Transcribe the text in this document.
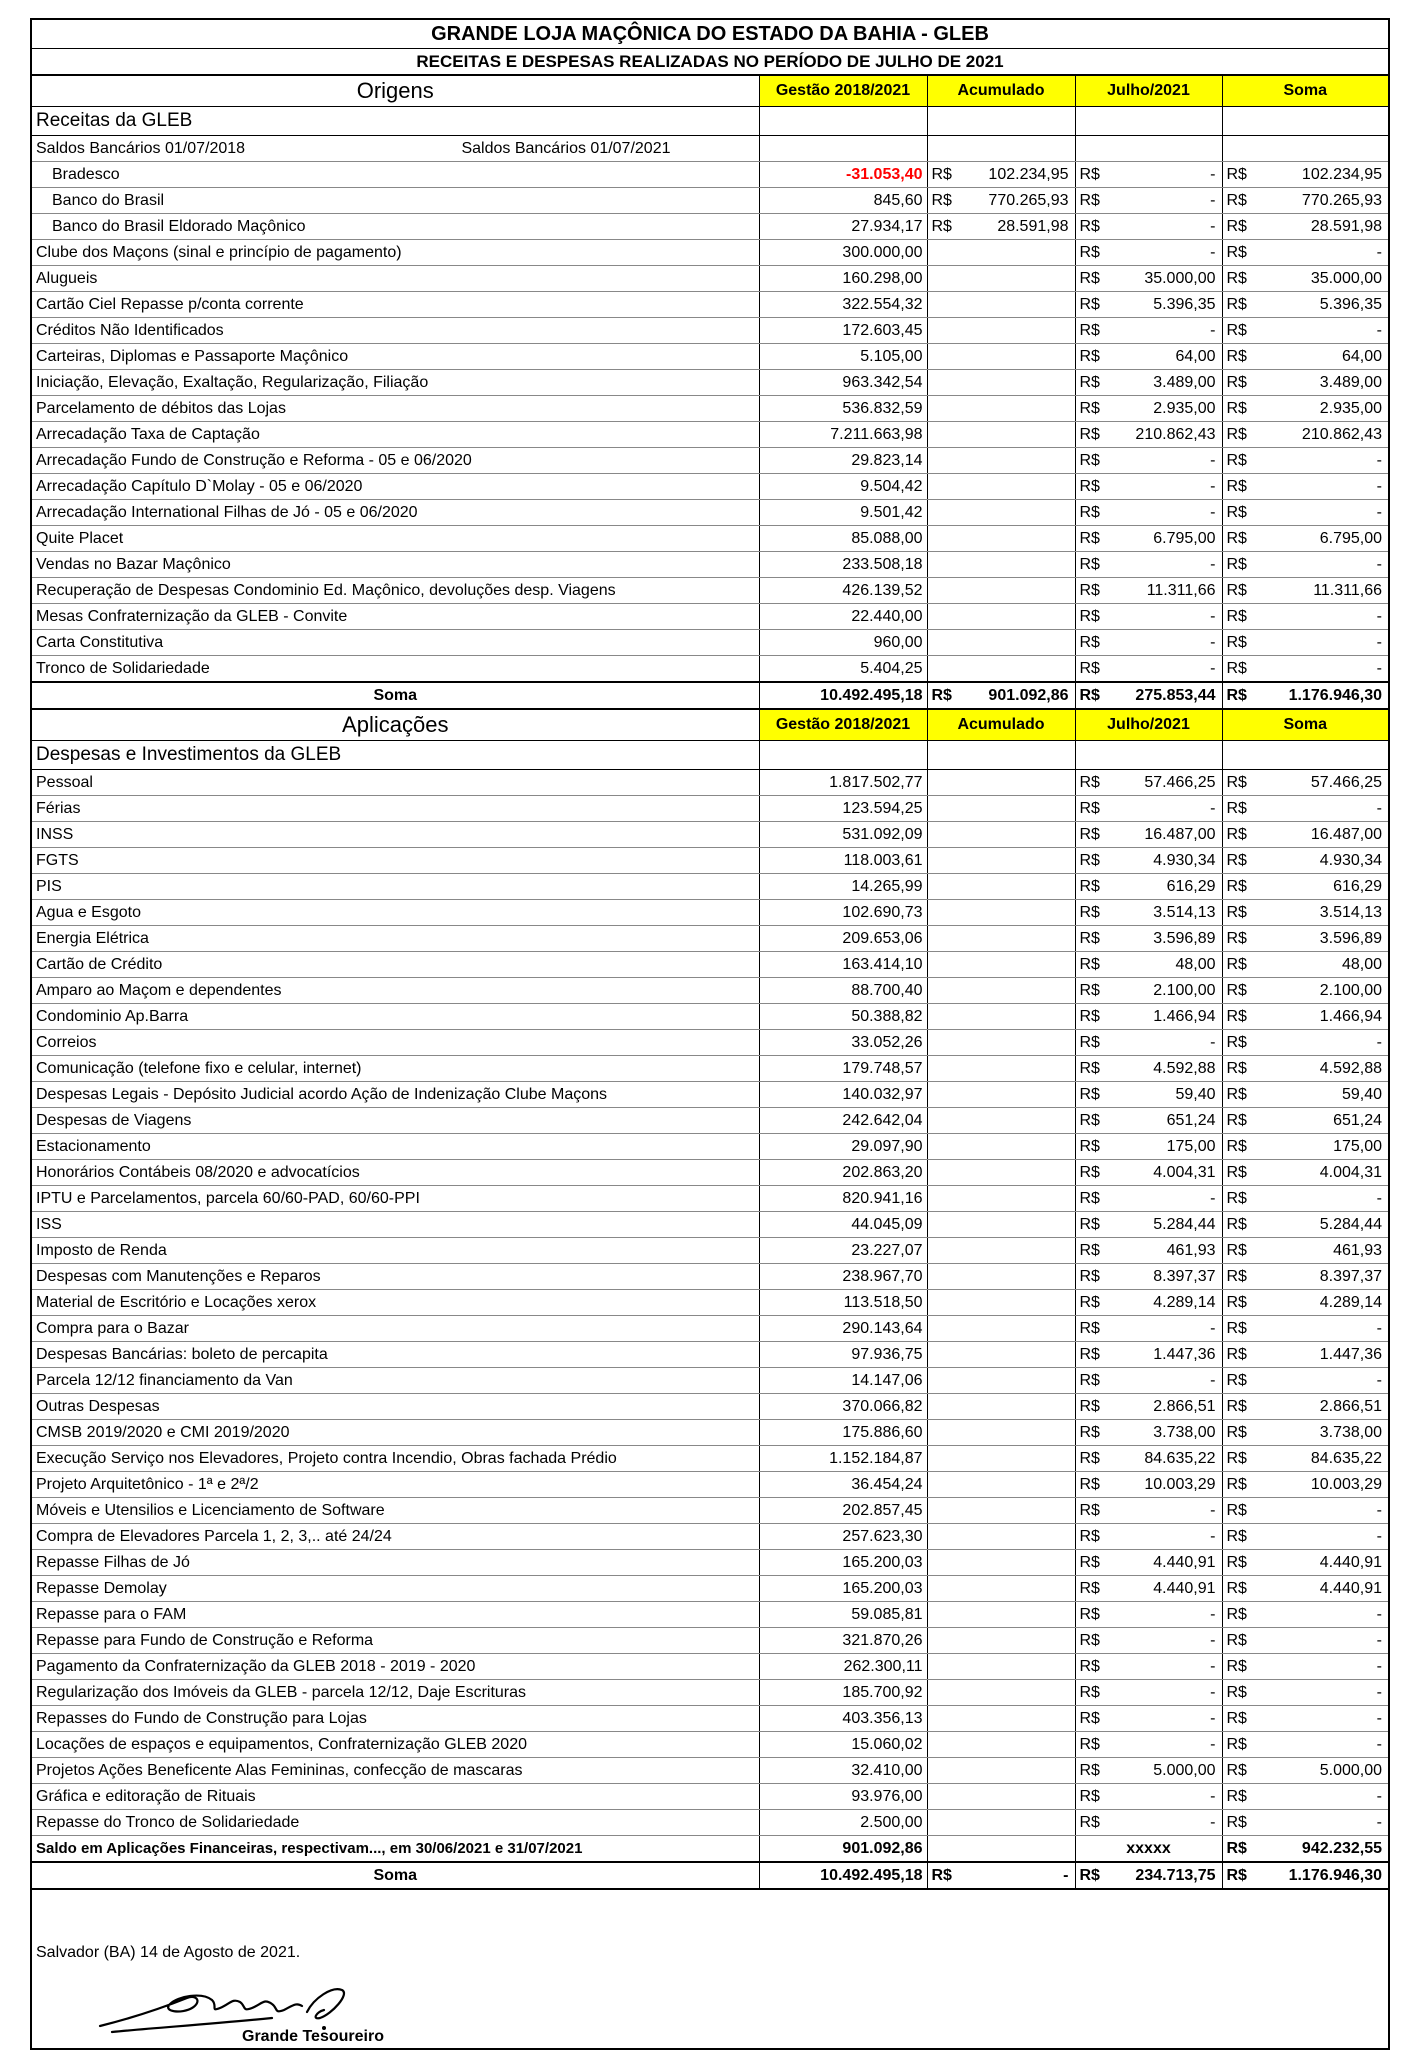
GRANDE LOJA MAÇÔNICA DO ESTADO DA BAHIA - GLEB				
RECEITAS E DESPESAS REALIZADAS NO PERÍODO DE JULHO DE 2021				
Origens	Gestão 2018/2021	Acumulado	Julho/2021	Soma
Receitas da GLEB				

Saldos Bancários 01/07/2018 Saldos Bancários 01/07/2021				

Bradesco	-31.053,40	R$ 102.234,95	R$ -	R$ 102.234,95

Banco do Brasil	845,60	R$ 770.265,93	R$ -	R$ 770.265,93

Banco do Brasil Eldorado Maçônico	27.934,17	R$ 28.591,98	R$ -	R$ 28.591,98

Clube dos Maçons (sinal e princípio de pagamento)	300.000,00		R$ -	R$ -

Alugueis	160.298,00		R$ 35.000,00	R$ 35.000,00

Cartão Ciel Repasse p/conta corrente	322.554,32		R$ 5.396,35	R$ 5.396,35

Créditos Não Identificados	172.603,45		R$ -	R$ -

Carteiras, Diplomas e Passaporte Maçônico	5.105,00		R$ 64,00	R$ 64,00

Iniciação, Elevação, Exaltação, Regularização, Filiação	963.342,54		R$ 3.489,00	R$ 3.489,00

Parcelamento de débitos das Lojas	536.832,59		R$ 2.935,00	R$ 2.935,00

Arrecadação Taxa de Captação	7.211.663,98		R$ 210.862,43	R$ 210.862,43

Arrecadação Fundo de Construção e Reforma - 05 e 06/2020	29.823,14		R$ -	R$ -

Arrecadação Capítulo D`Molay - 05 e 06/2020	9.504,42		R$ -	R$ -

Arrecadação International Filhas de Jó - 05 e 06/2020	9.501,42		R$ -	R$ -

Quite Placet	85.088,00		R$ 6.795,00	R$ 6.795,00

Vendas no Bazar Maçônico	233.508,18		R$ -	R$ -

Recuperação de Despesas Condominio Ed. Maçônico, devoluções desp. Viagens	426.139,52		R$ 11.311,66	R$ 11.311,66

Mesas Confraternização da GLEB - Convite	22.440,00		R$ -	R$ -

Carta Constitutiva	960,00		R$ -	R$ -

Tronco de Solidariedade	5.404,25		R$ -	R$ -

Soma	10.492.495,18	R$ 901.092,86	R$ 275.853,44	R$ 1.176.946,30

Aplicações	Gestão 2018/2021	Acumulado	Julho/2021	Soma
Despesas e Investimentos da GLEB				
Pessoal	1.817.502,77		R$ 57.466,25	R$ 57.466,25

Férias	123.594,25		R$ -	R$ -

INSS	531.092,09		R$ 16.487,00	R$ 16.487,00

FGTS	118.003,61		R$ 4.930,34	R$ 4.930,34

PIS	14.265,99		R$ 616,29	R$ 616,29

Agua e Esgoto	102.690,73		R$ 3.514,13	R$ 3.514,13

Energia Elétrica	209.653,06		R$ 3.596,89	R$ 3.596,89

Cartão de Crédito	163.414,10		R$ 48,00	R$ 48,00

Amparo ao Maçom e dependentes	88.700,40		R$ 2.100,00	R$ 2.100,00

Condominio Ap.Barra	50.388,82		R$ 1.466,94	R$ 1.466,94

Correios	33.052,26		R$ -	R$ -

Comunicação (telefone fixo e celular, internet)	179.748,57		R$ 4.592,88	R$ 4.592,88

Despesas Legais - Depósito Judicial acordo Ação de Indenização Clube Maçons	140.032,97		R$ 59,40	R$ 59,40

Despesas de Viagens	242.642,04		R$ 651,24	R$ 651,24

Estacionamento	29.097,90		R$ 175,00	R$ 175,00

Honorários Contábeis 08/2020 e advocatícios	202.863,20		R$ 4.004,31	R$ 4.004,31

IPTU e Parcelamentos, parcela 60/60-PAD, 60/60-PPI	820.941,16		R$ -	R$ -

ISS	44.045,09		R$ 5.284,44	R$ 5.284,44

Imposto de Renda	23.227,07		R$ 461,93	R$ 461,93

Despesas com Manutenções e Reparos	238.967,70		R$ 8.397,37	R$ 8.397,37

Material de Escritório e Locações xerox	113.518,50		R$ 4.289,14	R$ 4.289,14

Compra para o Bazar	290.143,64		R$ -	R$ -

Despesas Bancárias: boleto de percapita	97.936,75		R$ 1.447,36	R$ 1.447,36

Parcela 12/12 financiamento da Van	14.147,06		R$ -	R$ -

Outras Despesas	370.066,82		R$ 2.866,51	R$ 2.866,51

CMSB 2019/2020 e CMI 2019/2020	175.886,60		R$ 3.738,00	R$ 3.738,00

Execução Serviço nos Elevadores, Projeto contra Incendio, Obras fachada Prédio	1.152.184,87		R$ 84.635,22	R$ 84.635,22

Projeto Arquitetônico - 1ª e 2ª/2	36.454,24		R$ 10.003,29	R$ 10.003,29

Móveis e Utensilios e Licenciamento de Software	202.857,45		R$ -	R$ -

Compra de Elevadores Parcela 1, 2, 3,.. até 24/24	257.623,30		R$ -	R$ -

Repasse Filhas de Jó	165.200,03		R$ 4.440,91	R$ 4.440,91

Repasse Demolay	165.200,03		R$ 4.440,91	R$ 4.440,91

Repasse para o FAM	59.085,81		R$ -	R$ -

Repasse para Fundo de Construção e Reforma	321.870,26		R$ -	R$ -

Pagamento da Confraternização da GLEB 2018 - 2019 - 2020	262.300,11		R$ -	R$ -

Regularização dos Imóveis da GLEB - parcela 12/12, Daje Escrituras	185.700,92		R$ -	R$ -

Repasses do Fundo de Construção para Lojas	403.356,13		R$ -	R$ -

Locações de espaços e equipamentos, Confraternização GLEB 2020	15.060,02		R$ -	R$ -

Projetos Ações Beneficente Alas Femininas, confecção de mascaras	32.410,00		R$ 5.000,00	R$ 5.000,00

Gráfica e editoração de Rituais	93.976,00		R$ -	R$ -

Repasse do Tronco de Solidariedade	2.500,00		R$ -	R$ -

Saldo em Aplicações Financeiras, respectivam..., em 30/06/2021 e 31/07/2021	901.092,86		xxxxx	R$ 942.232,55

Soma	10.492.495,18	R$ -	R$ 234.713,75	R$ 1.176.946,30
Salvador (BA) 14 de Agosto de 2021.
Grande Tesoureiro
